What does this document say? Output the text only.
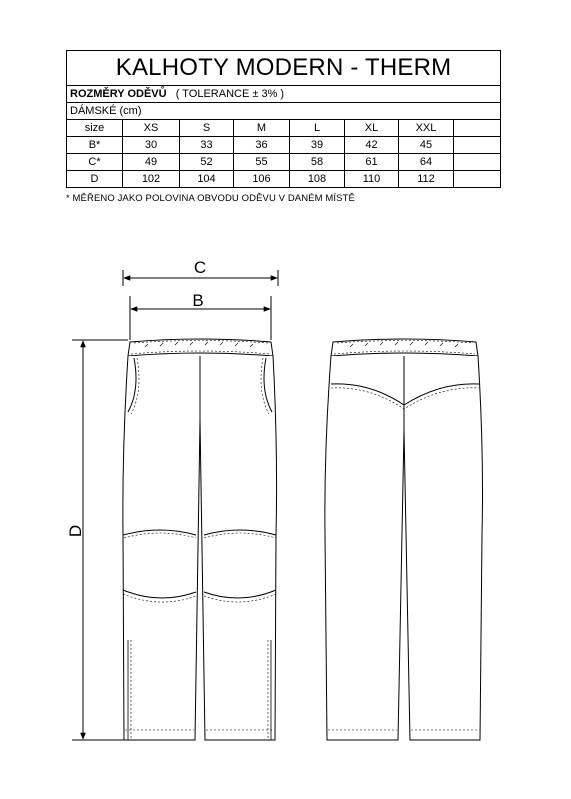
KALHOTY MODERN - THERM							
ROZMĚRY ODĚVŮ ( TOLERANCE ± 3% )							
DÁMSKÉ (cm)							
size	XS	S	M	L	XL	XXL	
B*	30	33	36	39	42	45	
C*	49	52	55	58	61	64	
D	102	104	106	108	110	112	
* MĚŘENO JAKO POLOVINA OBVODU ODĚVU V DANÉM MÍSTĚ
C
B
D
